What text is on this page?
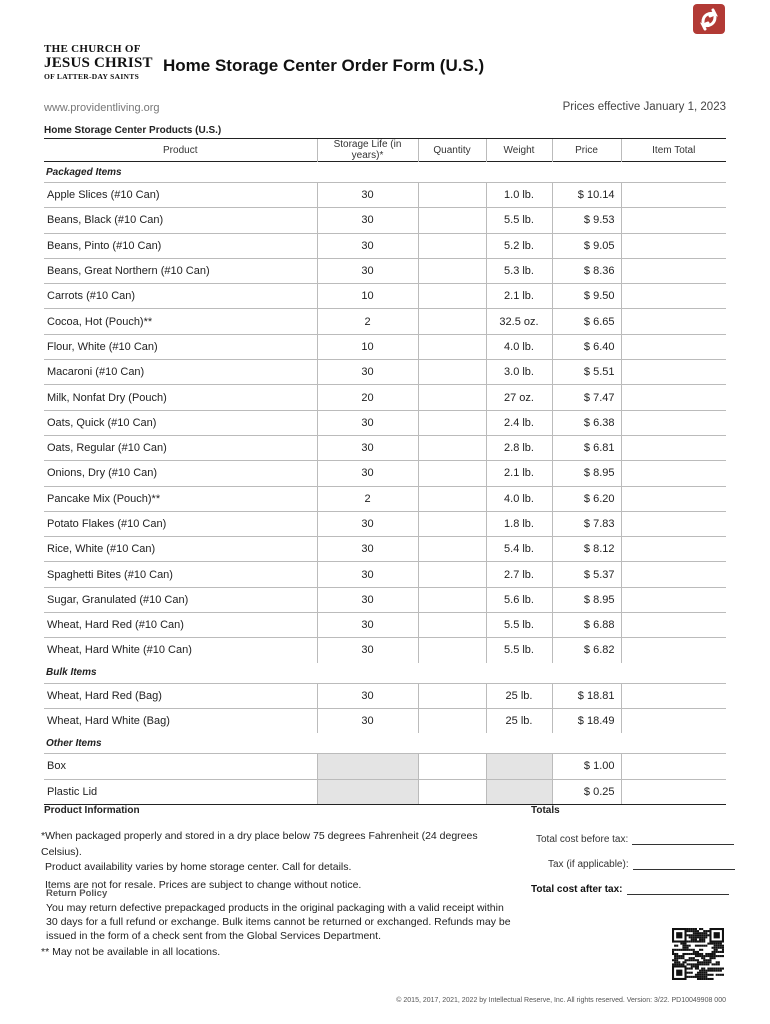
THE CHURCH OF
JESUS CHRIST
OF LATTER-DAY SAINTS
Home Storage Center Order Form (U.S.)
www.providentliving.org	Prices effective January 1, 2023
Home Storage Center Products (U.S.)
Product	Storage Life (in years)*	Quantity	Weight	Price	Item Total
Packaged Items					
Apple Slices (#10 Can)	30		1.0 lb.	$ 10.14	
Beans, Black (#10 Can)	30		5.5 lb.	$ 9.53	
Beans, Pinto (#10 Can)	30		5.2 lb.	$ 9.05	
Beans, Great Northern (#10 Can)	30		5.3 lb.	$ 8.36	
Carrots (#10 Can)	10		2.1 lb.	$ 9.50	
Cocoa, Hot (Pouch)**	2		32.5 oz.	$ 6.65	
Flour, White (#10 Can)	10		4.0 lb.	$ 6.40	
Macaroni (#10 Can)	30		3.0 lb.	$ 5.51	
Milk, Nonfat Dry (Pouch)	20		27 oz.	$ 7.47	
Oats, Quick (#10 Can)	30		2.4 lb.	$ 6.38	
Oats, Regular (#10 Can)	30		2.8 lb.	$ 6.81	
Onions, Dry (#10 Can)	30		2.1 lb.	$ 8.95	
Pancake Mix (Pouch)**	2		4.0 lb.	$ 6.20	
Potato Flakes (#10 Can)	30		1.8 lb.	$ 7.83	
Rice, White (#10 Can)	30		5.4 lb.	$ 8.12	
Spaghetti Bites (#10 Can)	30		2.7 lb.	$ 5.37	
Sugar, Granulated (#10 Can)	30		5.6 lb.	$ 8.95	
Wheat, Hard Red (#10 Can)	30		5.5 lb.	$ 6.88	
Wheat, Hard White (#10 Can)	30		5.5 lb.	$ 6.82	
Bulk Items					
Wheat, Hard Red (Bag)	30		25 lb.	$ 18.81	
Wheat, Hard White (Bag)	30		25 lb.	$ 18.49	
Other Items					
Box				$ 1.00	
Plastic Lid				$ 0.25	
Product Information	Totals

*When packaged properly and stored in a dry place below 75 degrees Fahrenheit (24 degrees Celsius).

Product availability varies by home storage center. Call for details.

Items are not for resale. Prices are subject to change without notice.

Return Policy
You may return defective prepackaged products in the original packaging with a valid receipt within 30 days for a full refund or exchange. Bulk items cannot be returned or exchanged. Refunds may be issued in the form of a check sent from the Global Services Department.
** May not be available in all locations.
Total cost before tax:
Tax (if applicable):
Total cost after tax:
© 2015, 2017, 2021, 2022 by Intellectual Reserve, Inc. All rights reserved. Version: 3/22. PD10049908 000
